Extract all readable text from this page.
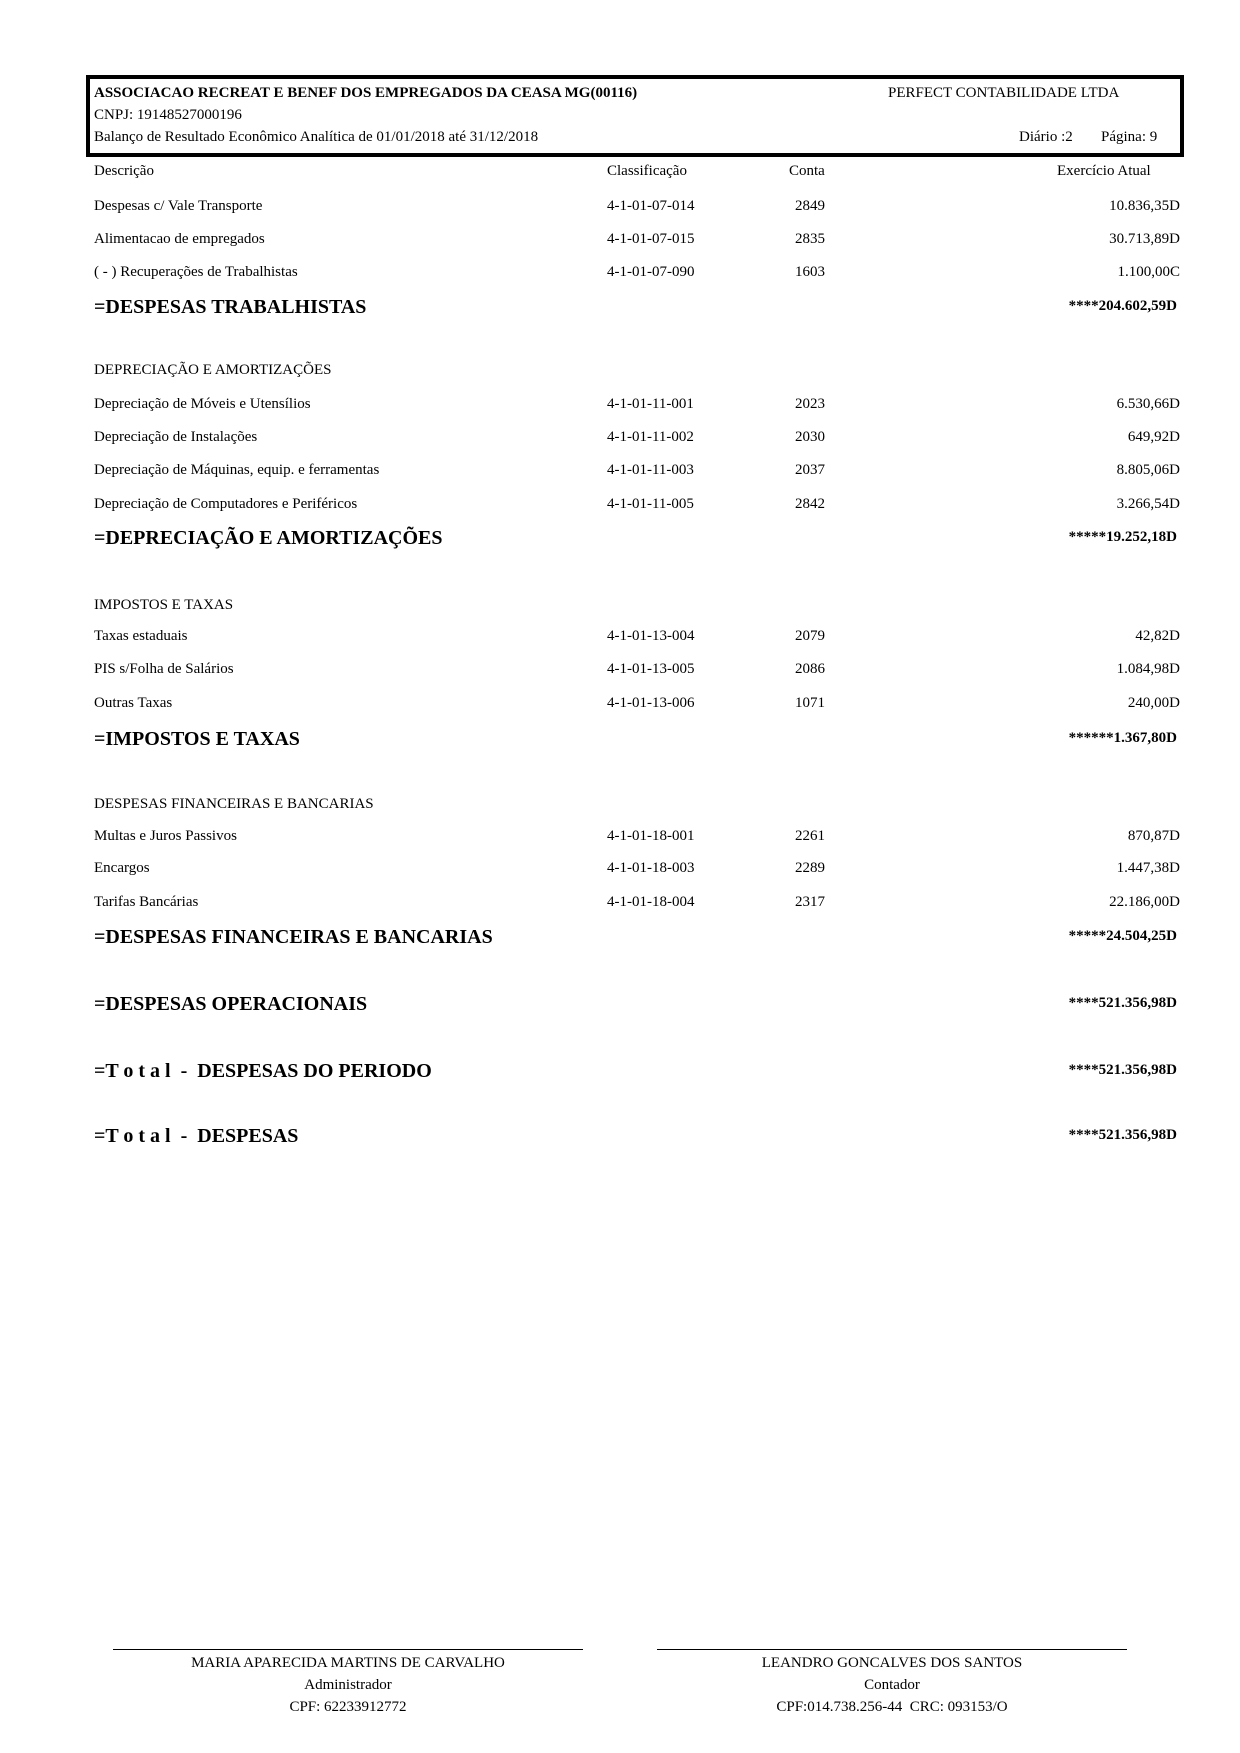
ASSOCIACAO RECREAT E BENEF DOS EMPREGADOS DA CEASA MG(00116)	PERFECT CONTABILIDADE LTDA
CNPJ: 19148527000196
Balanço de Resultado Econômico Analítica de 01/01/2018 até 31/12/2018	Diário :2 Página: 9
Descrição	Classificação	Conta	Exercício Atual
Despesas c/ Vale Transporte	4-1-01-07-014	2849	10.836,35D
Alimentacao de empregados	4-1-01-07-015	2835	30.713,89D
( - ) Recuperações de Trabalhistas	4-1-01-07-090	1603	1.100,00C
=DESPESAS TRABALHISTAS	****204.602,59D
DEPRECIAÇÃO E AMORTIZAÇÕES
Depreciação de Móveis e Utensílios	4-1-01-11-001	2023	6.530,66D
Depreciação de Instalações	4-1-01-11-002	2030	649,92D
Depreciação de Máquinas, equip. e ferramentas	4-1-01-11-003	2037	8.805,06D
Depreciação de Computadores e Periféricos	4-1-01-11-005	2842	3.266,54D
=DEPRECIAÇÃO E AMORTIZAÇÕES	*****19.252,18D
IMPOSTOS E TAXAS
Taxas estaduais	4-1-01-13-004	2079	42,82D
PIS s/Folha de Salários	4-1-01-13-005	2086	1.084,98D
Outras Taxas	4-1-01-13-006	1071	240,00D
=IMPOSTOS E TAXAS	******1.367,80D
DESPESAS FINANCEIRAS E BANCARIAS
Multas e Juros Passivos	4-1-01-18-001	2261	870,87D
Encargos	4-1-01-18-003	2289	1.447,38D
Tarifas Bancárias	4-1-01-18-004	2317	22.186,00D
=DESPESAS FINANCEIRAS E BANCARIAS	*****24.504,25D
=DESPESAS OPERACIONAIS	****521.356,98D
=T o t a l  -  DESPESAS DO PERIODO	****521.356,98D
=T o t a l  -  DESPESAS	****521.356,98D
MARIA APARECIDA MARTINS DE CARVALHO
Administrador
CPF: 62233912772
LEANDRO GONCALVES DOS SANTOS
Contador
CPF:014.738.256-44  CRC: 093153/O
